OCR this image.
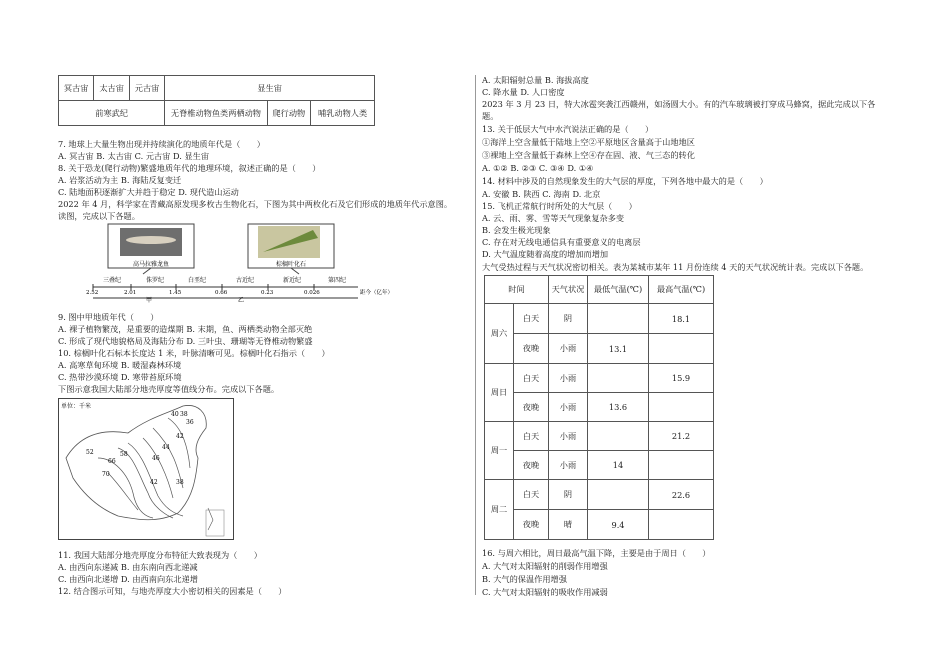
冥古宙	太古宙	元古宙	显生宙		
前寒武纪			无脊椎动物鱼类两栖动物	爬行动物	哺乳动物人类
7. 地球上大量生物出现并持续演化的地质年代是（　　）
A. 冥古宙 B. 太古宙 C. 元古宙 D. 显生宙
8. 关于恐龙(爬行动物)繁盛地质年代的地理环境，叙述正确的是（　　）
A. 岩浆活动为主 B. 海陆反复变迁
C. 陆地面积逐渐扩大并趋于稳定 D. 现代造山运动
2022 年 4 月，科学家在青藏高原发现多枚古生物化石，下图为其中两枚化石及它们形成的地质年代示意图。
读图，完成以下各题。
高马拉雅龙鱼	棕榈叶化石
三叠纪	侏罗纪	白垩纪	古近纪	新近纪	第四纪
2.52	2.01	1.45	0.66	0.23	0.026	距今（亿年）
甲	乙
9. 图中甲地质年代（　　）
A. 裸子植物繁茂，是重要的造煤期 B. 末期，鱼、两栖类动物全部灭绝
C. 形成了现代地貌格局及海陆分布 D. 三叶虫、珊瑚等无脊椎动物繁盛
10. 棕榈叶化石标本长度达 1 米，叶脉清晰可见。棕榈叶化石指示（　　）
A. 高寒草甸环境 B. 暖湿森林环境
C. 热带沙漠环境 D. 寒带苔原环境
下图示意我国大陆部分地壳厚度等值线分布。完成以下各题。
单位：千米
40 38
36
42
44
46
52	58
66
70
42	38
11. 我国大陆部分地壳厚度分布特征大致表现为（　　）
A. 由西向东递减 B. 由东南向西北递减
C. 由西向北递增 D. 由西南向东北递增
12. 结合图示可知，与地壳厚度大小密切相关的因素是（　　）
A. 太阳辐射总量 B. 海拔高度
C. 降水量 D. 人口密度
2023 年 3 月 23 日，特大冰雹突袭江西赣州，如汤圆大小。有的汽车玻璃被打穿成马蜂窝，据此完成以下各
题。
13. 关于低层大气中水汽说法正确的是（　　）
①海洋上空含量低于陆地上空②平原地区含量高于山地地区
③裸地上空含量低于森林上空④存在固、液、气三态的转化
A. ①② B. ②③ C. ③④ D. ①④
14. 材料中涉及的自然现象发生的大气层的厚度，下列各地中最大的是（　　）
A. 安徽 B. 陕西 C. 海南 D. 北京
15. 飞机正常航行时所处的大气层（　　）
A. 云、雨、雾、雪等天气现象复杂多变
B. 会发生极光现象
C. 存在对无线电通信具有重要意义的电离层
D. 大气温度随着高度的增加而增加
大气受热过程与天气状况密切相关。表为某城市某年 11 月份连续 4 天的天气状况统计表。完成以下各题。
时间		天气状况	最低气温(℃)	最高气温(℃)
周六	白天	阴		18.1
	夜晚	小雨	13.1	
周日	白天	小雨		15.9
	夜晚	小雨	13.6	
周一	白天	小雨		21.2
	夜晚	小雨	14	
周二	白天	阴		22.6
	夜晚	晴	9.4	
16. 与周六相比，周日最高气温下降，主要是由于周日（　　）
A. 大气对太阳辐射的削弱作用增强
B. 大气的保温作用增强
C. 大气对太阳辐射的吸收作用减弱
